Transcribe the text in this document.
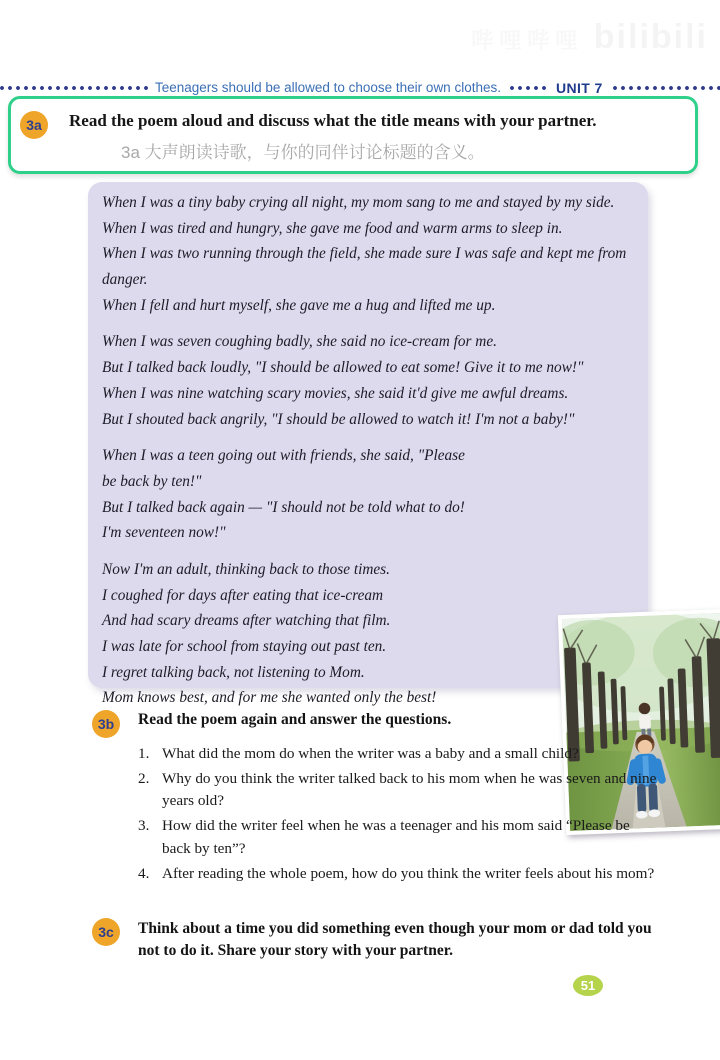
哔哩哔哩 bilibili
Teenagers should be allowed to choose their own clothes.	UNIT 7
3a	Read the poem aloud and discuss what the title means with your partner.
3a 大声朗读诗歌，与你的同伴讨论标题的含义。

When I was a tiny baby crying all night, my mom sang to me and stayed by my side.

When I was tired and hungry, she gave me food and warm arms to sleep in.

When I was two running through the field, she made sure I was safe and kept me from danger.

When I fell and hurt myself, she gave me a hug and lifted me up.

When I was seven coughing badly, she said no ice-cream for me.

But I talked back loudly, "I should be allowed to eat some! Give it to me now!"

When I was nine watching scary movies, she said it'd give me awful dreams.

But I shouted back angrily, "I should be allowed to watch it! I'm not a baby!"

When I was a teen going out with friends, she said, "Please be back by ten!"

But I talked back again — "I should not be told what to do! I'm seventeen now!"

Now I'm an adult, thinking back to those times.

I coughed for days after eating that ice-cream

And had scary dreams after watching that film.

I was late for school from staying out past ten.

I regret talking back, not listening to Mom.

Mom knows best, and for me she wanted only the best!

3b	Read the poem again and answer the questions.
What did the mom do when the writer was a baby and a small child?
Why do you think the writer talked back to his mom when he was seven and nine years old?
How did the writer feel when he was a teenager and his mom said “Please be back by ten”?
After reading the whole poem, how do you think the writer feels about his mom?
3c	Think about a time you did something even though your mom or dad told you not to do it. Share your story with your partner.
51
